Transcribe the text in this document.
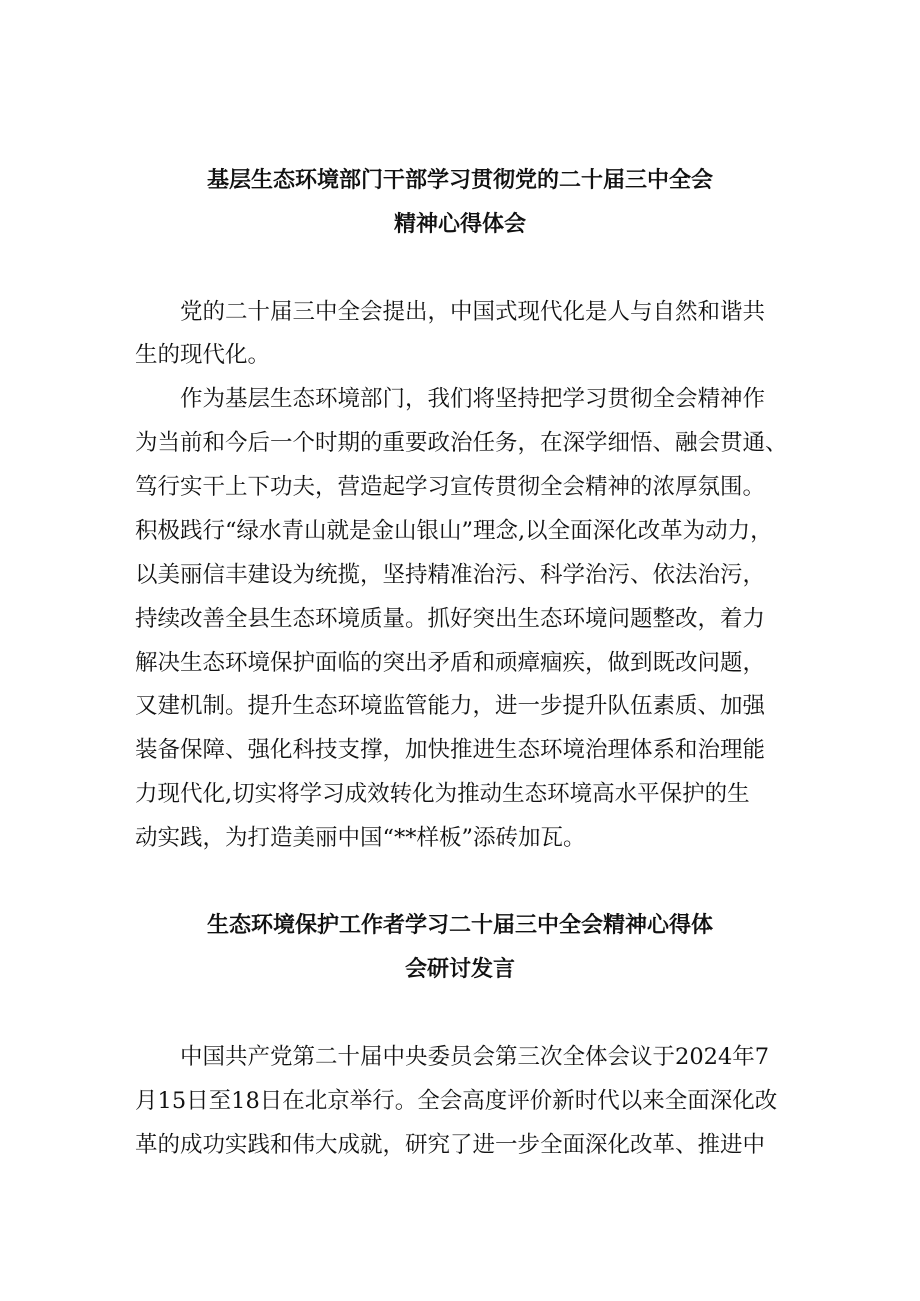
基层生态环境部门干部学习贯彻党的二十届三中全会
精神心得体会
党的二十届三中全会提出，中国式现代化是人与自然和谐共
生的现代化。
作为基层生态环境部门，我们将坚持把学习贯彻全会精神作
为当前和今后一个时期的重要政治任务，在深学细悟、融会贯通、
笃行实干上下功夫，营造起学习宣传贯彻全会精神的浓厚氛围。
积极践行“绿水青山就是金山银山”理念,以全面深化改革为动力，
以美丽信丰建设为统揽，坚持精准治污、科学治污、依法治污，
持续改善全县生态环境质量。抓好突出生态环境问题整改，着力
解决生态环境保护面临的突出矛盾和顽瘴痼疾，做到既改问题，
又建机制。提升生态环境监管能力，进一步提升队伍素质、加强
装备保障、强化科技支撑，加快推进生态环境治理体系和治理能
力现代化,切实将学习成效转化为推动生态环境高水平保护的生
动实践，为打造美丽中国“**样板”添砖加瓦。
生态环境保护工作者学习二十届三中全会精神心得体
会研讨发言
中国共产党第二十届中央委员会第三次全体会议于2024年7
月15日至18日在北京举行。全会高度评价新时代以来全面深化改
革的成功实践和伟大成就，研究了进一步全面深化改革、推进中
